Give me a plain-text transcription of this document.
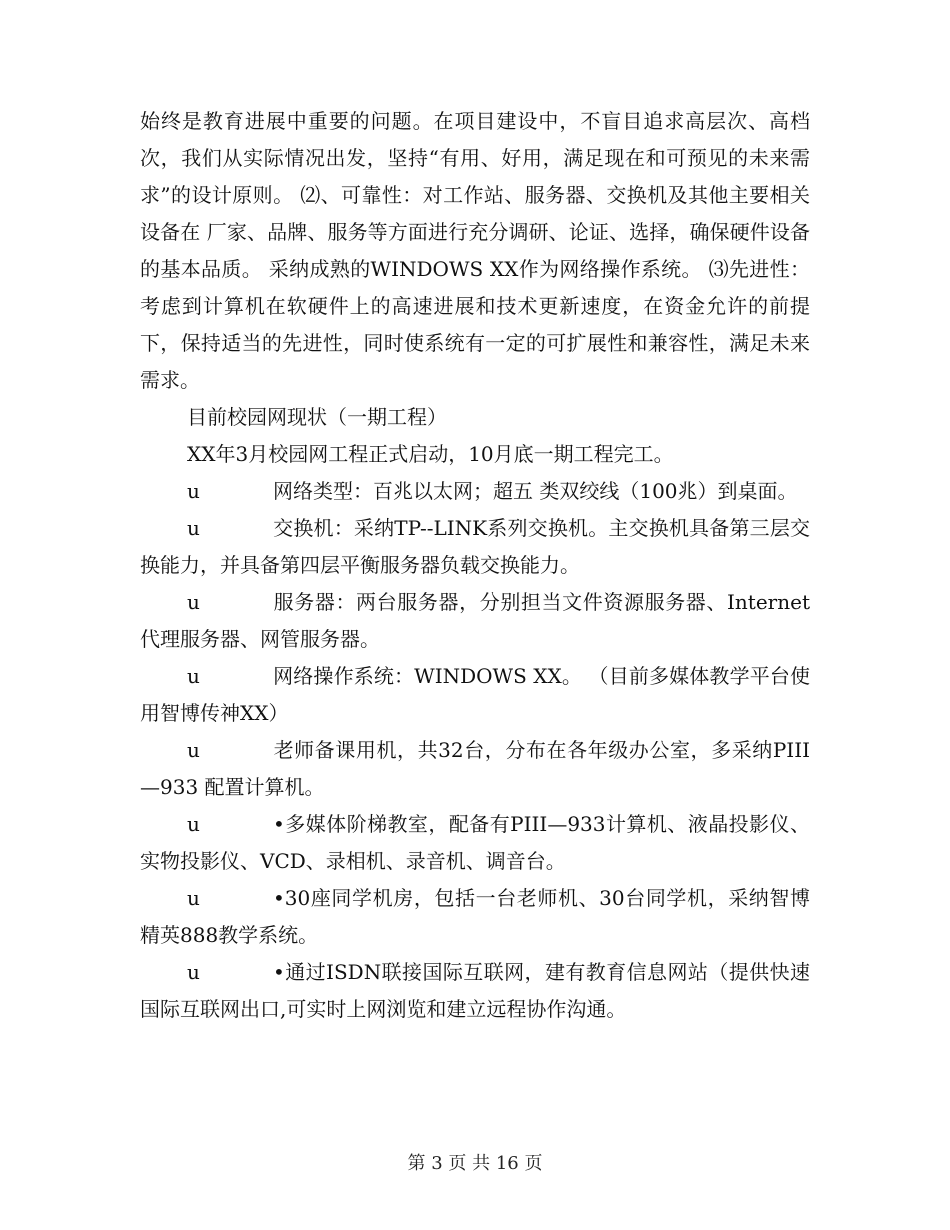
始终是教育进展中重要的问题。在项目建设中，不盲目追求高层次、高档次，我们从实际情况出发，坚持“有用、好用，满足现在和可预见的未来需求”的设计原则。 ⑵、可靠性：对工作站、服务器、交换机及其他主要相关设备在 厂家、品牌、服务等方面进行充分调研、论证、选择，确保硬件设备的基本品质。 采纳成熟的WINDOWS XX作为网络操作系统。 ⑶先进性：考虑到计算机在软硬件上的高速进展和技术更新速度，在资金允许的前提下，保持适当的先进性，同时使系统有一定的可扩展性和兼容性，满足未来需求。

目前校园网现状（一期工程）

XX年3月校园网工程正式启动，10月底一期工程完工。

u	网络类型：百兆以太网；超五 类双绞线（100兆）到桌面。

u	交换机：采纳TP--LINK系列交换机。主交换机具备第三层交换能力，并具备第四层平衡服务器负载交换能力。

u	服务器：两台服务器，分别担当文件资源服务器、Internet代理服务器、网管服务器。

u	网络操作系统：WINDOWS XX。 （目前多媒体教学平台使用智博传神XX）

u	老师备课用机，共32台，分布在各年级办公室，多采纳PIII—933 配置计算机。

u	•多媒体阶梯教室，配备有PIII—933计算机、液晶投影仪、实物投影仪、VCD、录相机、录音机、调音台。

u	•30座同学机房，包括一台老师机、30台同学机，采纳智博精英888教学系统。

u	•通过ISDN联接国际互联网，建有教育信息网站（提供快速国际互联网出口,可实时上网浏览和建立远程协作沟通。

第 3 页 共 16 页
